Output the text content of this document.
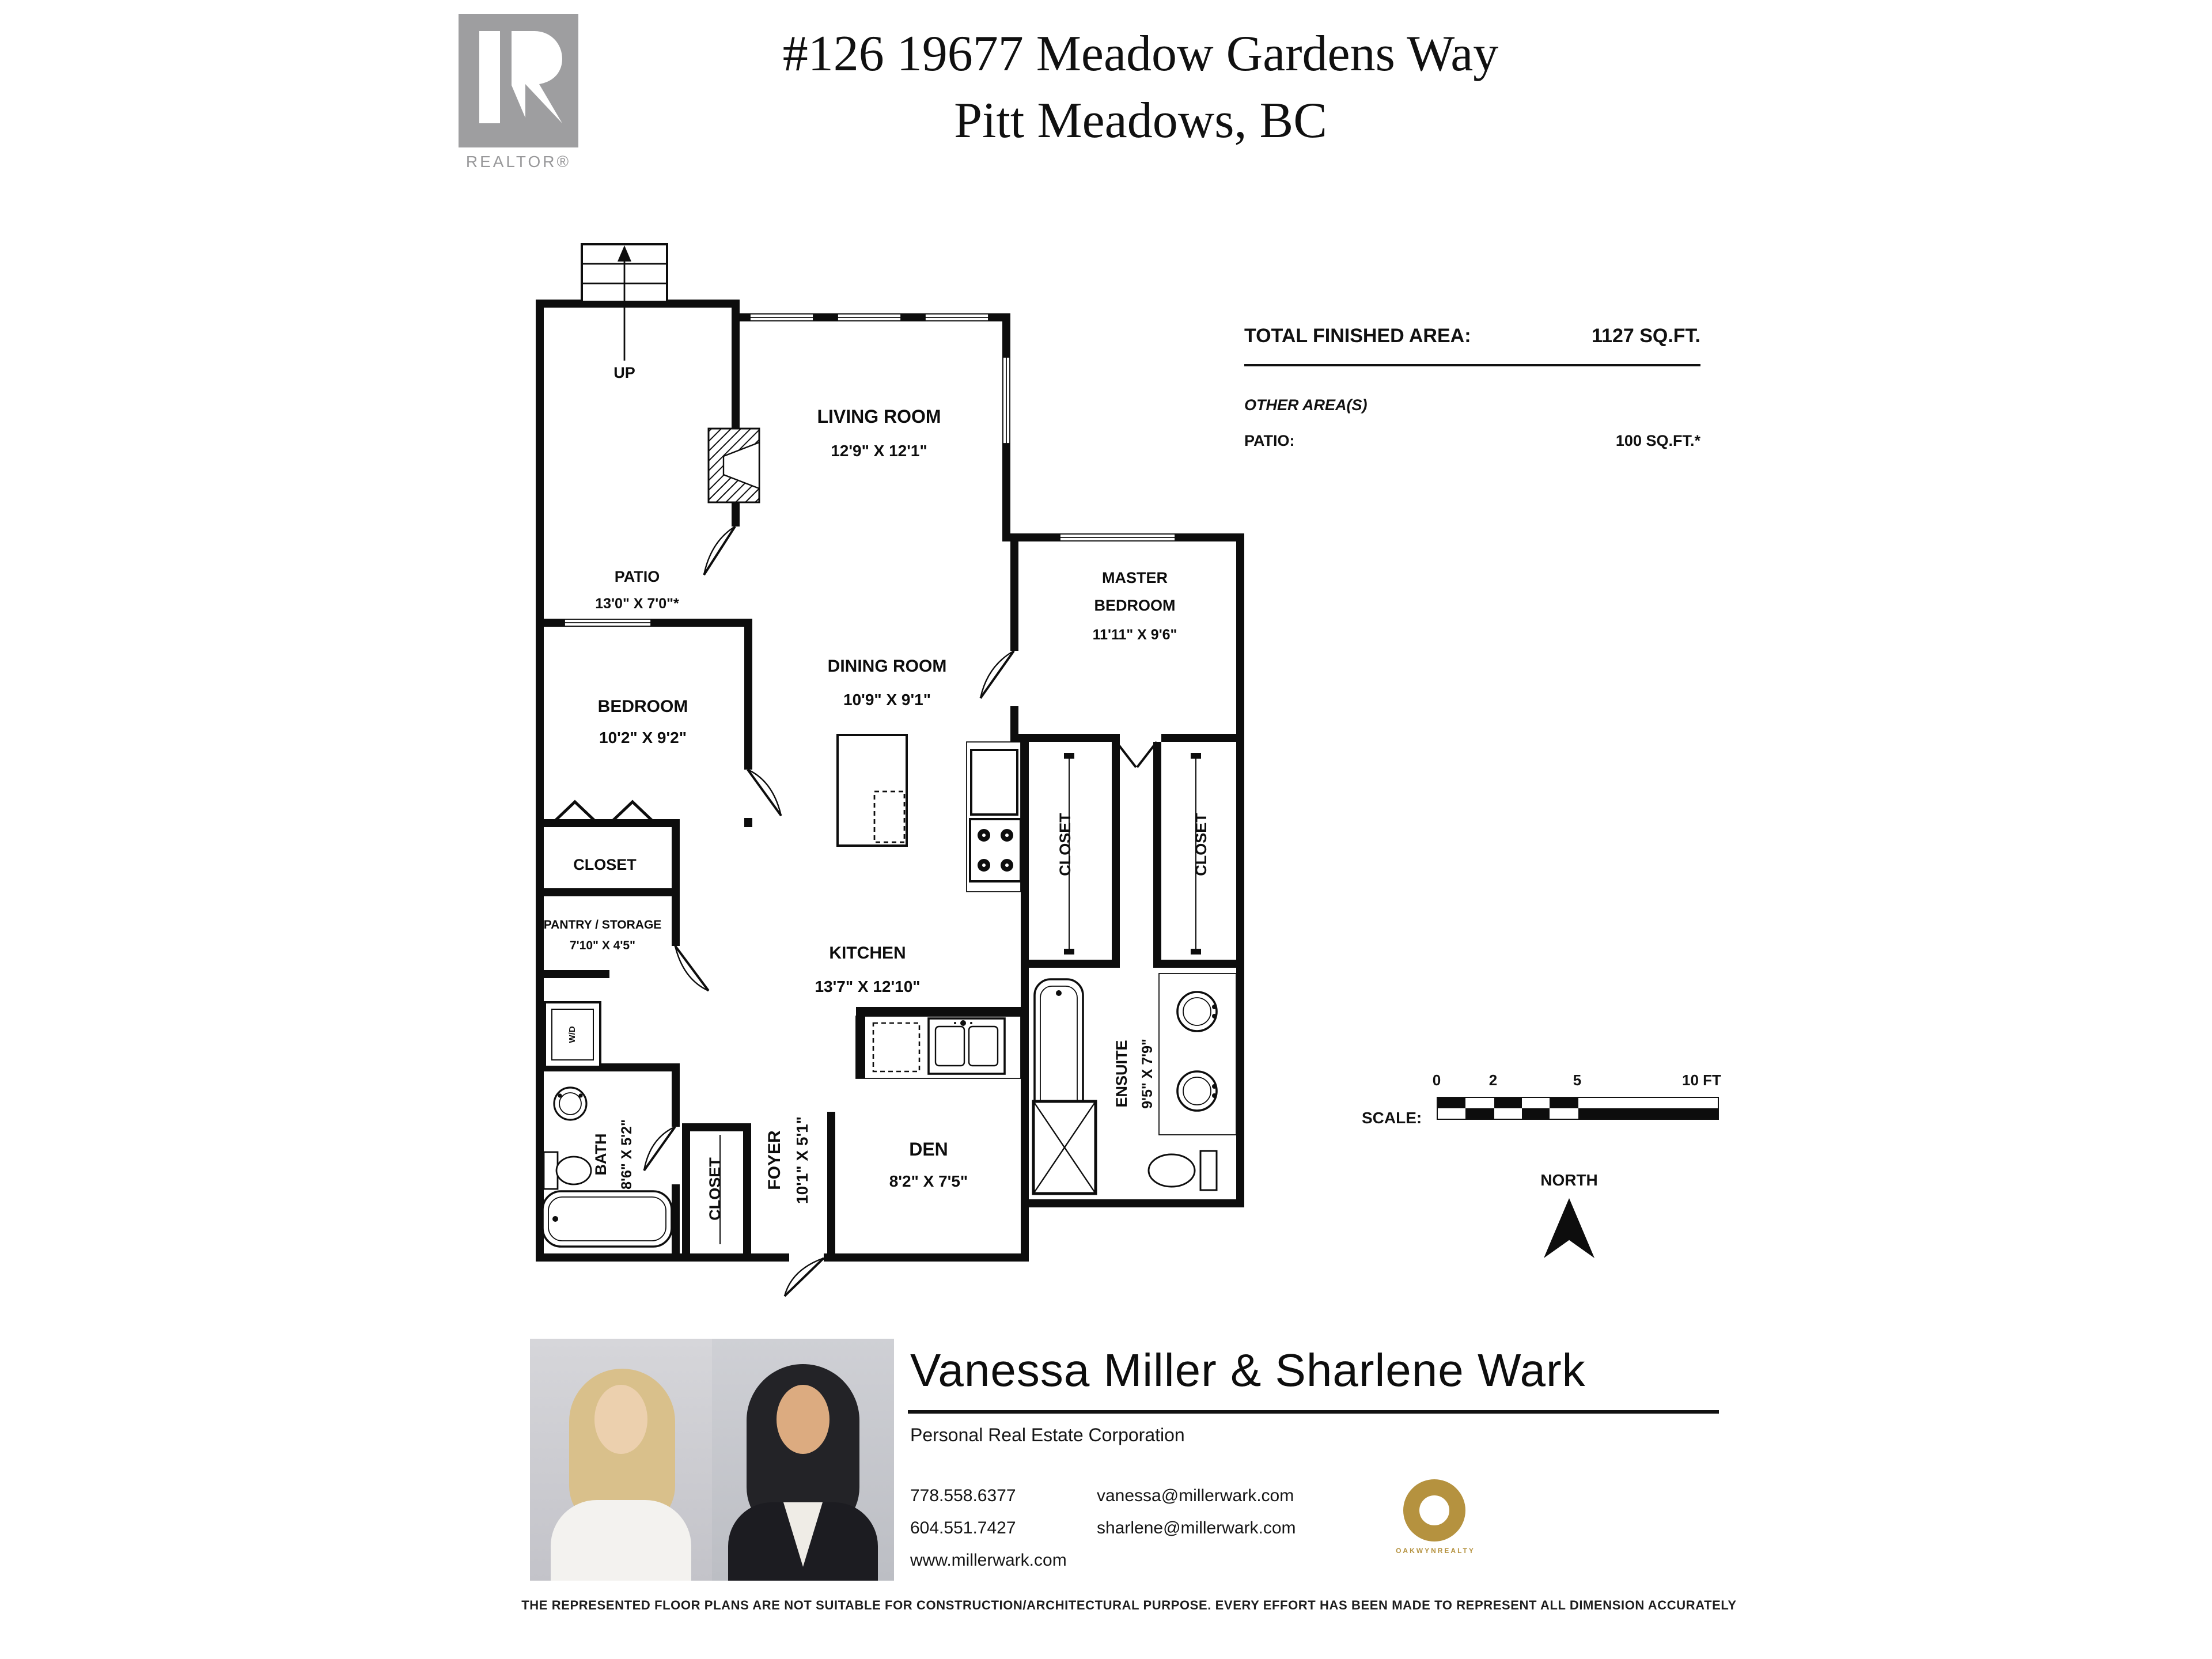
REALTOR®
#126 19677 Meadow Gardens Way
Pitt Meadows, BC
TOTAL FINISHED AREA:	1127 SQ.FT.
OTHER AREA(S)
PATIO:	100 SQ.FT.*
UP
W/D
PATIO
13'0" X 7'0"*
LIVING ROOM
12'9" X 12'1"
BEDROOM
10'2" X 9'2"
DINING ROOM
10'9" X 9'1"
MASTER
BEDROOM
11'11" X 9'6"
CLOSET
PANTRY / STORAGE
7'10" X 4'5"	KITCHEN
13'7" X 12'10"
CLOSET	CLOSET
ENSUITE 9'5" X 7'9"
BATH 8'6" X 5'2"	CLOSET	FOYER 10'1" X 5'1"	DEN
8'2" X 7'5"
SCALE:
0	2	5	10 FT
NORTH
Vanessa Miller & Sharlene Wark
Personal Real Estate Corporation
778.558.6377	vanessa@millerwark.com
604.551.7427	sharlene@millerwark.com
www.millerwark.com	OAKWYNREALTY
THE REPRESENTED FLOOR PLANS ARE NOT SUITABLE FOR CONSTRUCTION/ARCHITECTURAL PURPOSE. EVERY EFFORT HAS BEEN MADE TO REPRESENT ALL DIMENSION ACCURATELY
